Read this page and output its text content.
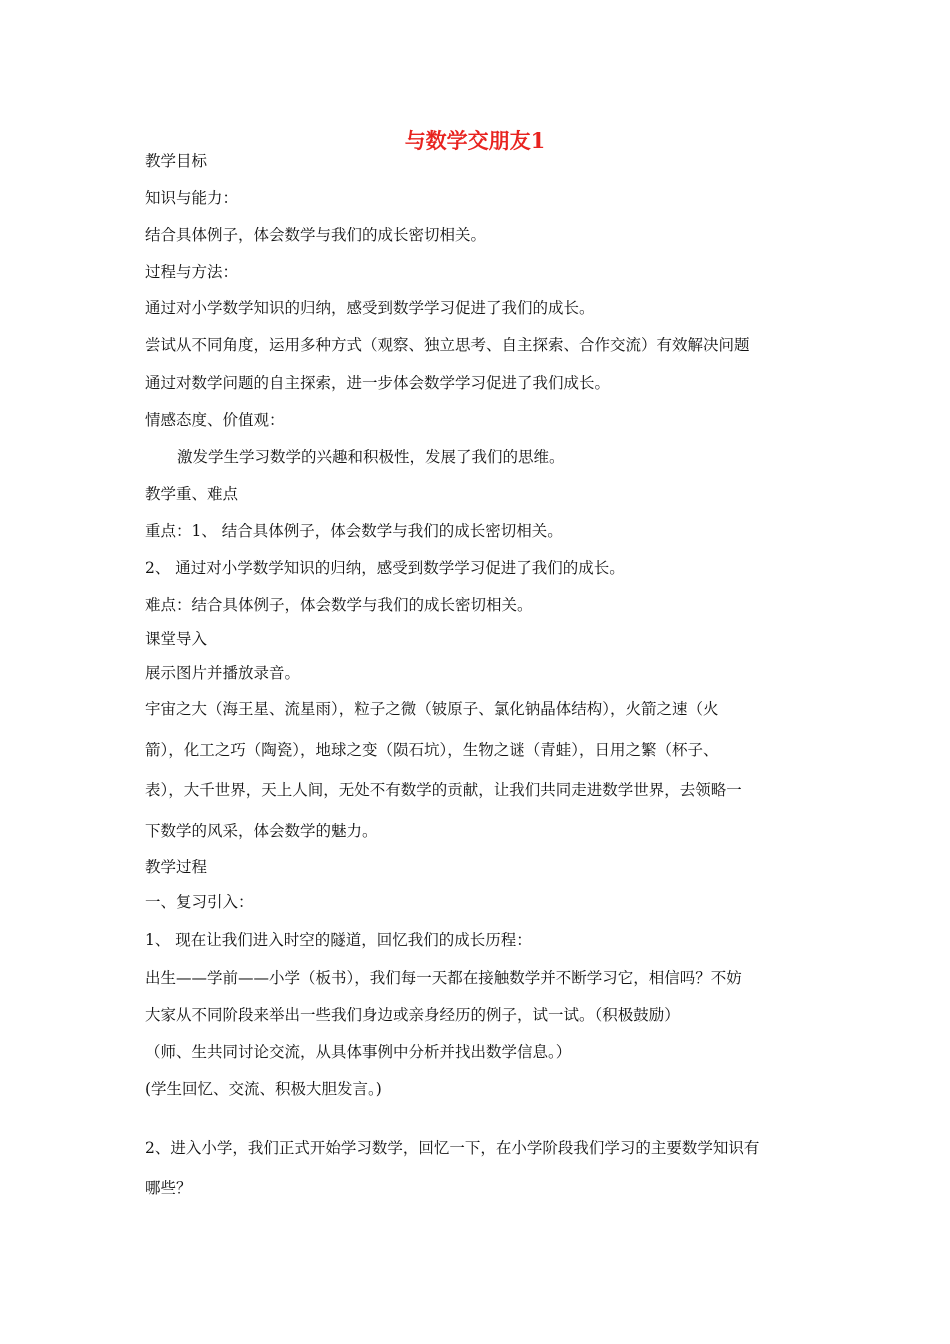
与数学交朋友1
教学目标
知识与能力：
结合具体例子，体会数学与我们的成长密切相关。
过程与方法：
通过对小学数学知识的归纳，感受到数学学习促进了我们的成长。
尝试从不同角度，运用多种方式（观察、独立思考、自主探索、合作交流）有效解决问题
通过对数学问题的自主探索，进一步体会数学学习促进了我们成长。
情感态度、价值观：
激发学生学习数学的兴趣和积极性，发展了我们的思维。
教学重、难点
重点：1、 结合具体例子，体会数学与我们的成长密切相关。
2、 通过对小学数学知识的归纳，感受到数学学习促进了我们的成长。
难点：结合具体例子，体会数学与我们的成长密切相关。
课堂导入
展示图片并播放录音。
宇宙之大（海王星、流星雨），粒子之微（铍原子、氯化钠晶体结构），火箭之速（火
箭），化工之巧（陶瓷），地球之变（陨石坑），生物之谜（青蛙），日用之繁（杯子、
表），大千世界，天上人间，无处不有数学的贡献，让我们共同走进数学世界，去领略一
下数学的风采，体会数学的魅力。
教学过程
一、复习引入：
1、 现在让我们进入时空的隧道，回忆我们的成长历程：
出生——学前——小学（板书），我们每一天都在接触数学并不断学习它，相信吗？不妨
大家从不同阶段来举出一些我们身边或亲身经历的例子，试一试。（积极鼓励）
（师、生共同讨论交流，从具体事例中分析并找出数学信息。）
(学生回忆、交流、积极大胆发言。)
2、进入小学，我们正式开始学习数学，回忆一下，在小学阶段我们学习的主要数学知识有
哪些？
